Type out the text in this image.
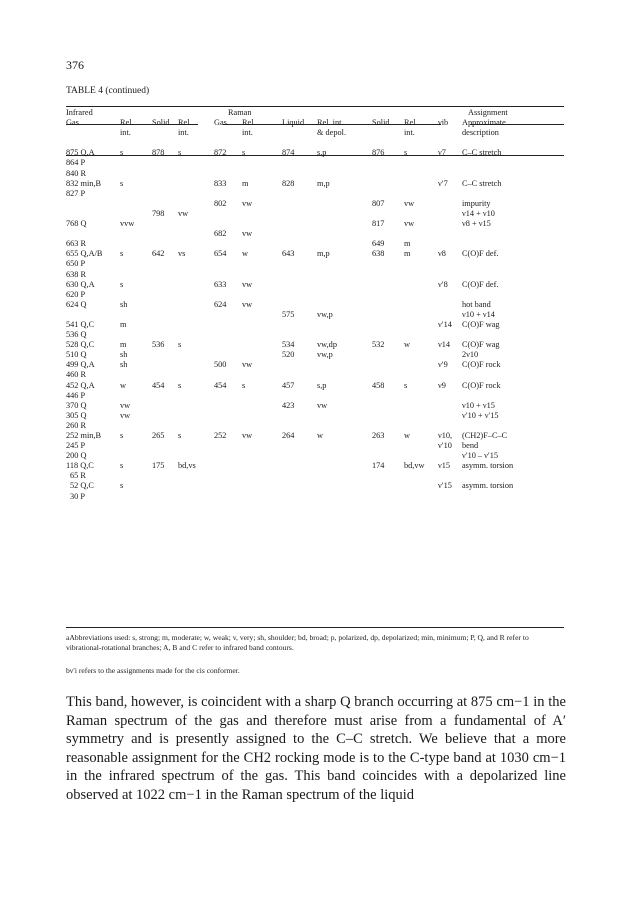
376
TABLE 4 (continued)
Infrared				Raman						Assignment	
Gas	Rel.	Solid	Rel.	Gas	Rel.	Liquid	Rel. int.	Solid	Rel.	νib	Approximate
	int.		int.		int.		& depol.		int.		description

875 Q,A	s	878	s	872	s	874	s,p	876	s	ν7	C–C stretch
864 P											
840 R											
832 min,B	s			833	m	828	m,p			ν′7	C–C stretch
827 P											
				802	vw			807	vw		impurity
		798	vw								ν14 + ν10
768 Q	vvw							817	vw		ν8 + ν15
				682	vw						
663 R								649	m		
655 Q,A/B	s	642	vs	654	w	643	m,p	638	m	ν8	C(O)F def.
650 P											
638 R											
630 Q,A	s			633	vw					ν′8	C(O)F def.
620 P											
624 Q	sh			624	vw						hot band
						575	vw,p				ν10 + ν14
541 Q,C	m									ν′14	C(O)F wag
536 Q											
528 Q,C	m	536	s			534	vw,dp	532	w	ν14	C(O)F wag
510 Q	sh					520	vw,p				2ν10
499 Q,A	sh			500	vw					ν′9	C(O)F rock
460 R											
452 Q,A	w	454	s	454	s	457	s,p	458	s	ν9	C(O)F rock
446 P											
370 Q	vw					423	vw				ν10 + ν15
305 Q	vw										ν′10 + ν′15
260 R											
252 min,B	s	265	s	252	vw	264	w	263	w	ν10,	(CH2)F–C–C
245 P										ν′10	bend
200 Q											ν′10 – ν′15
118 Q,C	s	175	bd,vs					174	bd,vw	ν15	asymm. torsion
65 R											
52 Q,C	s									ν′15	asymm. torsion
30 P											
aAbbreviations used: s, strong; m, moderate; w, weak; v, very; sh, shoulder; bd, broad; p, polarized, dp, depolarized; min, minimum; P, Q, and R refer to vibrational-rotational branches; A, B and C refer to infrared band contours.
bν′i refers to the assignments made for the cis conformer.

This band, however, is coincident with a sharp Q branch occurring at 875 cm−1 in the Raman spectrum of the gas and therefore must arise from a fundamental of A′ symmetry and is presently assigned to the C–C stretch. We believe that a more reasonable assignment for the CH2 rocking mode is to the C-type band at 1030 cm−1 in the infrared spectrum of the gas. This band coincides with a depolarized line observed at 1022 cm−1 in the Raman spectrum of the liquid
